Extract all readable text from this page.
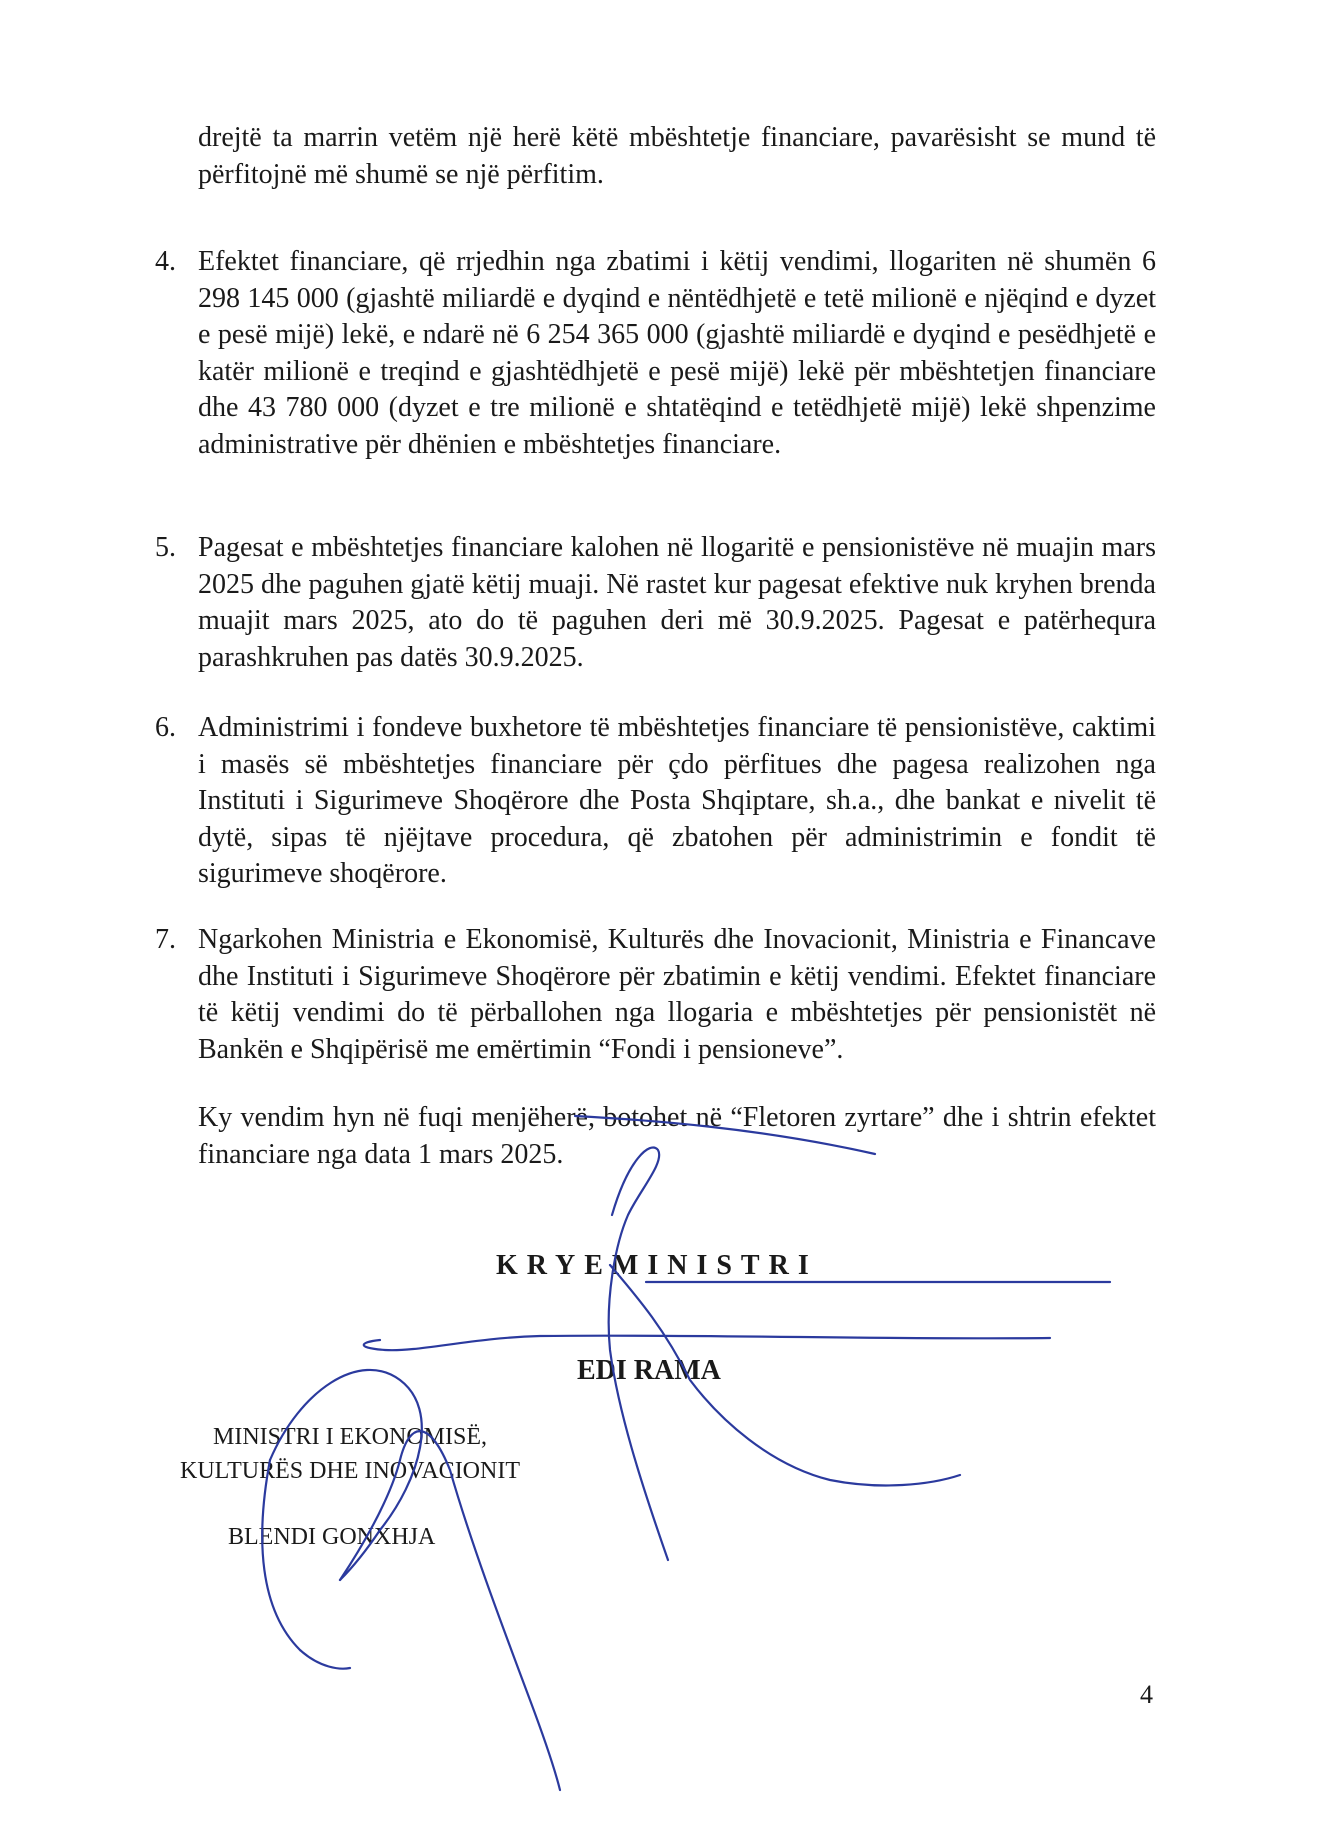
drejtë ta marrin vetëm një herë këtë mbështetje financiare, pavarësisht se mund të përfitojnë më shumë se një përfitim.

4. Efektet financiare, që rrjedhin nga zbatimi i këtij vendimi, llogariten në shumën 6 298 145 000 (gjashtë miliardë e dyqind e nëntëdhjetë e tetë milionë e njëqind e dyzet e pesë mijë) lekë, e ndarë në 6 254 365 000 (gjashtë miliardë e dyqind e pesëdhjetë e katër milionë e treqind e gjashtëdhjetë e pesë mijë) lekë për mbështetjen financiare dhe 43 780 000 (dyzet e tre milionë e shtatëqind e tetëdhjetë mijë) lekë shpenzime administrative për dhënien e mbështetjes financiare.

5. Pagesat e mbështetjes financiare kalohen në llogaritë e pensionistëve në muajin mars 2025 dhe paguhen gjatë këtij muaji. Në rastet kur pagesat efektive nuk kryhen brenda muajit mars 2025, ato do të paguhen deri më 30.9.2025. Pagesat e patërhequra parashkruhen pas datës 30.9.2025.

6. Administrimi i fondeve buxhetore të mbështetjes financiare të pensionistëve, caktimi i masës së mbështetjes financiare për çdo përfitues dhe pagesa realizohen nga Instituti i Sigurimeve Shoqërore dhe Posta Shqiptare, sh.a., dhe bankat e nivelit të dytë, sipas të njëjtave procedura, që zbatohen për administrimin e fondit të sigurimeve shoqërore.

7. Ngarkohen Ministria e Ekonomisë, Kulturës dhe Inovacionit, Ministria e Financave dhe Instituti i Sigurimeve Shoqërore për zbatimin e këtij vendimi. Efektet financiare të këtij vendimi do të përballohen nga llogaria e mbështetjes për pensionistët në Bankën e Shqipërisë me emërtimin “Fondi i pensioneve”.

Ky vendim hyn në fuqi menjëherë, botohet në “Fletoren zyrtare” dhe i shtrin efektet financiare nga data 1 mars 2025.

KRYEMINISTRI
EDI RAMA
MINISTRI I EKONOMISË,
KULTURËS DHE INOVACIONIT
BLENDI GONXHJA
4
